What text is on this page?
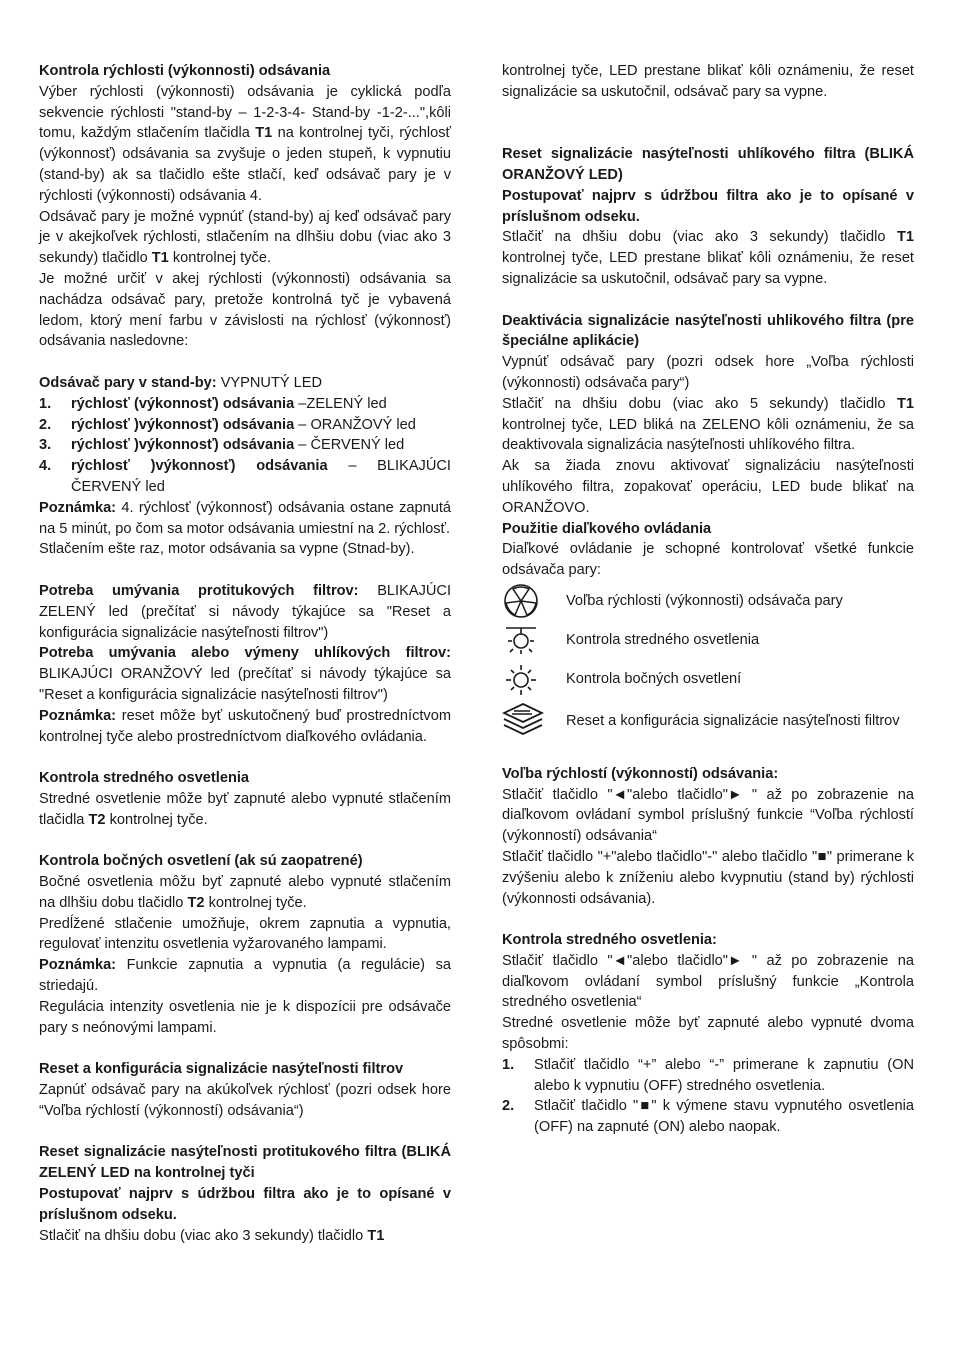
Kontrola rýchlosti (výkonnosti) odsávania

Výber rýchlosti (výkonnosti) odsávania je cyklická podľa sekvencie rýchlosti "stand-by – 1-2-3-4- Stand-by -1-2-...",kôli tomu, každým stlačením tlačidla T1 na kontrolnej tyči, rýchlosť (výkonnosť) odsávania sa zvyšuje o jeden stupeň, k vypnutiu (stand-by) ak sa tlačidlo ešte stlačí, keď odsávač pary je v rýchlosti (výkonnosti) odsávania 4.

Odsávač pary je možné vypnúť (stand-by) aj keď odsávač pary je v akejkoľvek rýchlosti, stlačením na dlhšiu dobu (viac ako 3 sekundy) tlačidlo T1 kontrolnej tyče.

Je možné určiť v akej rýchlosti (výkonnosti) odsávania sa nachádza odsávač pary, pretože kontrolná tyč je vybavená ledom, ktorý mení farbu v závislosti na rýchlosť (výkonnosť) odsávania nasledovne:

Odsávač pary v stand-by: VYPNUTÝ LED

1.	rýchlosť (výkonnosť) odsávania –ZELENÝ led
2.	rýchlosť )výkonnosť) odsávania – ORANŽOVÝ led
3.	rýchlosť )výkonnosť) odsávania – ČERVENÝ led
4.	rýchlosť )výkonnosť) odsávania – BLIKAJÚCI ČERVENÝ led

Poznámka: 4. rýchlosť (výkonnosť) odsávania ostane zapnutá na 5 minút, po čom sa motor odsávania umiestní na 2. rýchlosť.

Stlačením ešte raz, motor odsávania sa vypne (Stnad-by).

Potreba umývania protitukových filtrov: BLIKAJÚCI ZELENÝ led (prečítať si návody týkajúce sa "Reset a konfigurácia signalizácie nasýteľnosti filtrov")

Potreba umývania alebo výmeny uhlíkových filtrov: BLIKAJÚCI ORANŽOVÝ led (prečítať si návody týkajúce sa "Reset a konfigurácia signalizácie nasýteľnosti filtrov")

Poznámka: reset môže byť uskutočnený buď prostredníctvom kontrolnej tyče alebo prostredníctvom diaľkového ovládania.

Kontrola stredného osvetlenia

Stredné osvetlenie môže byť zapnuté alebo vypnuté stlačením tlačidla T2 kontrolnej tyče.

Kontrola bočných osvetlení (ak sú zaopatrené)

Bočné osvetlenia môžu byť zapnuté alebo vypnuté stlačením na dlhšiu dobu tlačidlo T2 kontrolnej tyče.

Predĺžené stlačenie umožňuje, okrem zapnutia a vypnutia, regulovať intenzitu osvetlenia vyžarovaného lampami.

Poznámka: Funkcie zapnutia a vypnutia (a regulácie) sa striedajú.

Regulácia intenzity osvetlenia nie je k dispozícii pre odsávače pary s neónovými lampami.

Reset a konfigurácia signalizácie nasýteľnosti filtrov

Zapnúť odsávač pary na akúkoľvek rýchlosť (pozri odsek hore “Voľba rýchlostí (výkonností) odsávania“)

Reset signalizácie nasýteľnosti protitukového filtra (BLIKÁ ZELENÝ LED na kontrolnej tyči

Postupovať najprv s údržbou filtra ako je to opísané v príslušnom odseku.

Stlačiť na dhšiu dobu (viac ako 3 sekundy) tlačidlo T1

kontrolnej tyče, LED prestane blikať kôli oznámeniu, že reset signalizácie sa uskutočnil, odsávač pary sa vypne.

Reset signalizácie nasýteľnosti uhlíkového filtra (BLIKÁ ORANŽOVÝ LED)

Postupovať najprv s údržbou filtra ako je to opísané v príslušnom odseku.

Stlačiť na dhšiu dobu (viac ako 3 sekundy) tlačidlo T1 kontrolnej tyče, LED prestane blikať kôli oznámeniu, že reset signalizácie sa uskutočnil, odsávač pary sa vypne.

Deaktivácia signalizácie nasýteľnosti uhlikového filtra (pre špeciálne aplikácie)

Vypnúť odsávač pary (pozri odsek hore „Voľba rýchlosti (výkonnosti) odsávača pary“)

Stlačiť na dhšiu dobu (viac ako 5 sekundy) tlačidlo T1 kontrolnej tyče, LED bliká na ZELENO kôli oznámeniu, že sa deaktivovala signalizácia nasýteľnosti uhlíkového filtra.

Ak sa žiada znovu aktivovať signalizáciu nasýteľnosti uhlíkového filtra, zopakovať operáciu, LED bude blikať na ORANŽOVO.

Použitie diaľkového ovládania

Diaľkové ovládanie je schopné kontrolovať všetké funkcie odsávača pary:

Voľba rýchlosti (výkonnosti) odsávača pary
Kontrola stredného osvetlenia
Kontrola bočných osvetlení
Reset a konfigurácia signalizácie nasýteľnosti filtrov

Voľba rýchlostí (výkonností) odsávania:

Stlačiť tlačidlo "◄"alebo tlačidlo"► " až po zobrazenie na diaľkovom ovládaní symbol príslušný funkcie “Voľba rýchlostí (výkonností) odsávania“

Stlačiť tlačidlo "+"alebo tlačidlo"-" alebo tlačidlo "■" primerane k zvýšeniu alebo k zníženiu alebo kvypnutiu (stand by) rýchlosti (výkonnosti odsávania).

Kontrola stredného osvetlenia:

Stlačiť tlačidlo "◄"alebo tlačidlo"► " až po zobrazenie na diaľkovom ovládaní symbol príslušný funkcie „Kontrola stredného osvetlenia“

Stredné osvetlenie môže byť zapnuté alebo vypnuté dvoma spôsobmi:

1.	Stlačiť tlačidlo “+” alebo “-” primerane k zapnutiu (ON alebo k vypnutiu (OFF) stredného osvetlenia.
2.	Stlačiť tlačidlo "■" k výmene stavu vypnutého osvetlenia (OFF) na zapnuté (ON) alebo naopak.
